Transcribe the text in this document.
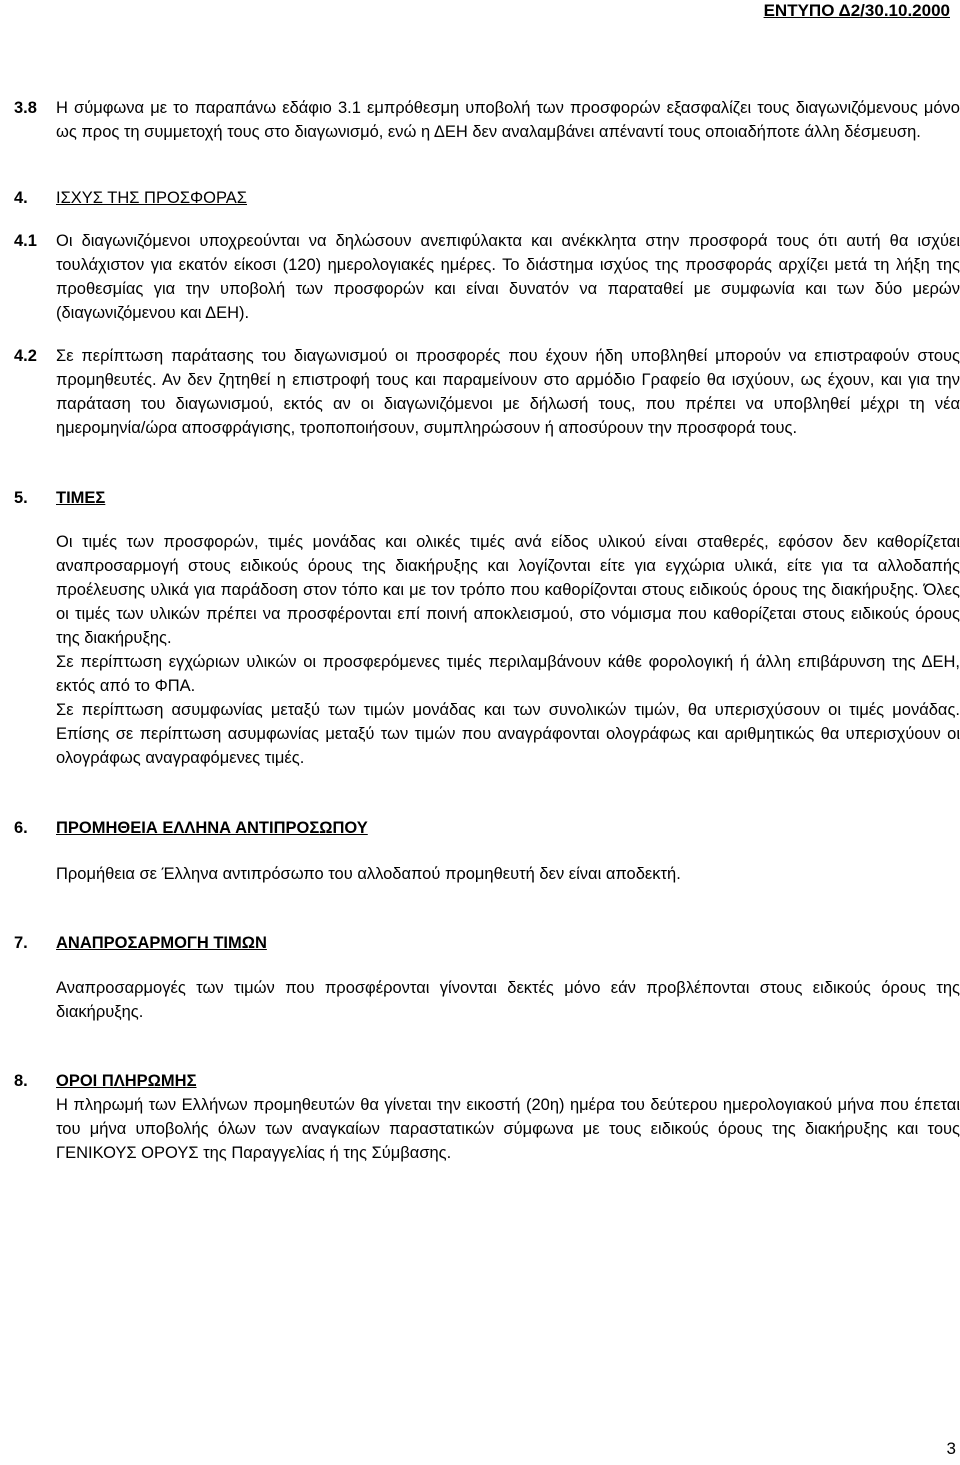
ΕΝΤΥΠΟ Δ2/30.10.2000
3.8 Η σύμφωνα με το παραπάνω εδάφιο 3.1 εμπρόθεσμη υποβολή των προσφορών εξασφαλίζει τους διαγωνιζόμενους μόνο ως προς τη συμμετοχή τους στο διαγωνισμό, ενώ η ΔΕΗ δεν αναλαμβάνει απέναντί τους οποιαδήποτε άλλη δέσμευση.
4. ΙΣΧΥΣ ΤΗΣ ΠΡΟΣΦΟΡΑΣ
4.1 Οι διαγωνιζόμενοι υποχρεούνται να δηλώσουν ανεπιφύλακτα και ανέκκλητα στην προσφορά τους ότι αυτή θα ισχύει τουλάχιστον για εκατόν είκοσι (120) ημερολογιακές ημέρες. Το διάστημα ισχύος της προσφοράς αρχίζει μετά τη λήξη της προθεσμίας για την υποβολή των προσφορών και είναι δυνατόν να παραταθεί με συμφωνία και των δύο μερών (διαγωνιζόμενου και ΔΕΗ).
4.2 Σε περίπτωση παράτασης του διαγωνισμού οι προσφορές που έχουν ήδη υποβληθεί μπορούν να επιστραφούν στους προμηθευτές. Αν δεν ζητηθεί η επιστροφή τους και παραμείνουν στο αρμόδιο Γραφείο θα ισχύουν, ως έχουν, και για την παράταση του διαγωνισμού, εκτός αν οι διαγωνιζόμενοι με δήλωσή τους, που πρέπει να υποβληθεί μέχρι τη νέα ημερομηνία/ώρα αποσφράγισης, τροποποιήσουν, συμπληρώσουν ή αποσύρουν την προσφορά τους.
5. ΤΙΜΕΣ
Οι τιμές των προσφορών, τιμές μονάδας και ολικές τιμές ανά είδος υλικού είναι σταθερές, εφόσον δεν καθορίζεται αναπροσαρμογή στους ειδικούς όρους της διακήρυξης και λογίζονται είτε για εγχώρια υλικά, είτε για τα αλλοδαπής προέλευσης υλικά για παράδοση στον τόπο και με τον τρόπο που καθορίζονται στους ειδικούς όρους της διακήρυξης. Όλες οι τιμές των υλικών πρέπει να προσφέρονται επί ποινή αποκλεισμού, στο νόμισμα που καθορίζεται στους ειδικούς όρους της διακήρυξης.
Σε περίπτωση εγχώριων υλικών οι προσφερόμενες τιμές περιλαμβάνουν κάθε φορολογική ή άλλη επιβάρυνση της ΔΕΗ, εκτός από το ΦΠΑ.
Σε περίπτωση ασυμφωνίας μεταξύ των τιμών μονάδας και των συνολικών τιμών, θα υπερισχύσουν οι τιμές μονάδας. Επίσης σε περίπτωση ασυμφωνίας μεταξύ των τιμών που αναγράφονται ολογράφως και αριθμητικώς θα υπερισχύουν οι ολογράφως αναγραφόμενες τιμές.
6. ΠΡΟΜΗΘΕΙΑ ΕΛΛΗΝΑ ΑΝΤΙΠΡΟΣΩΠΟΥ
Προμήθεια σε Έλληνα αντιπρόσωπο του αλλοδαπού προμηθευτή δεν είναι αποδεκτή.
7. ΑΝΑΠΡΟΣΑΡΜΟΓΗ ΤΙΜΩΝ
Αναπροσαρμογές των τιμών που προσφέρονται γίνονται δεκτές μόνο εάν προβλέπονται στους ειδικούς όρους της διακήρυξης.
8. ΟΡΟΙ ΠΛΗΡΩΜΗΣ
Η πληρωμή των Ελλήνων προμηθευτών θα γίνεται την εικοστή (20η) ημέρα του δεύτερου ημερολογιακού μήνα που έπεται του μήνα υποβολής όλων των αναγκαίων παραστατικών σύμφωνα με τους ειδικούς όρους της διακήρυξης και τους ΓΕΝΙΚΟΥΣ ΟΡΟΥΣ της Παραγγελίας ή της Σύμβασης.
3
